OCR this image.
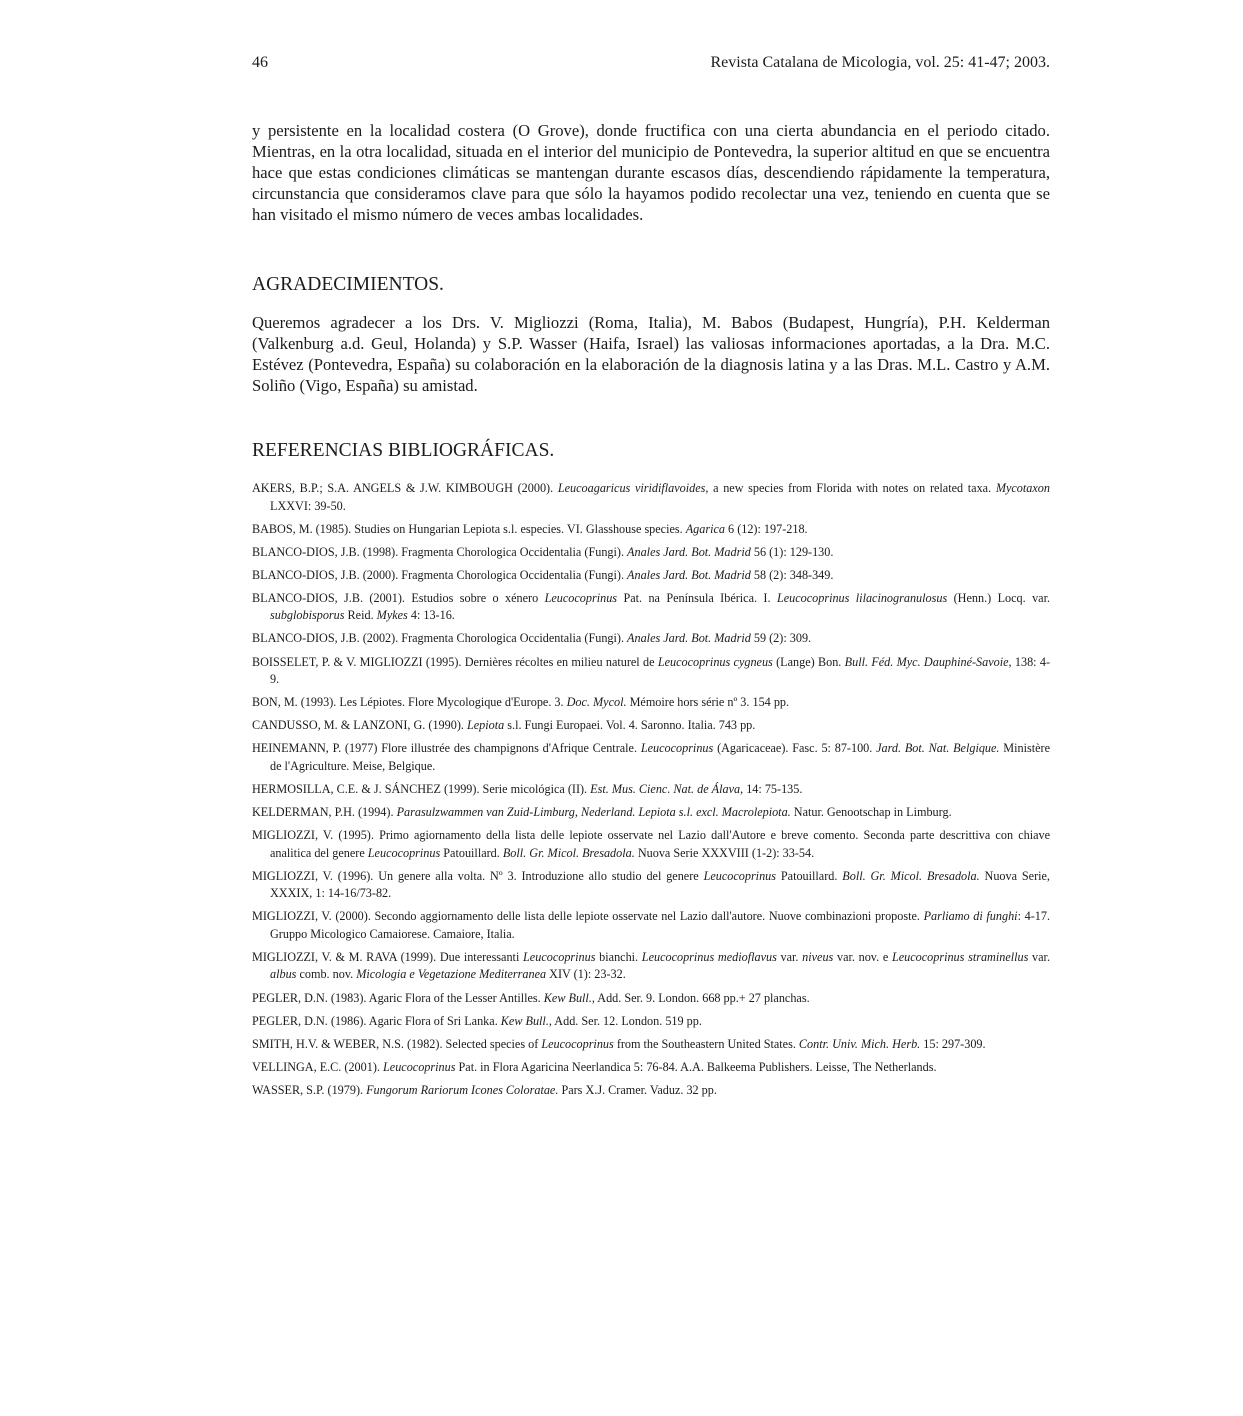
46	Revista Catalana de Micologia, vol. 25: 41-47; 2003.

y persistente en la localidad costera (O Grove), donde fructifica con una cierta abundancia en el periodo citado. Mientras, en la otra localidad, situada en el interior del municipio de Pontevedra, la superior altitud en que se encuentra hace que estas condiciones climáticas se mantengan durante escasos días, descendiendo rápidamente la temperatura, circunstancia que consideramos clave para que sólo la hayamos podido recolectar una vez, teniendo en cuenta que se han visitado el mismo número de veces ambas localidades.

AGRADECIMIENTOS.

Queremos agradecer a los Drs. V. Migliozzi (Roma, Italia), M. Babos (Budapest, Hungría), P.H. Kelderman (Valkenburg a.d. Geul, Holanda) y S.P. Wasser (Haifa, Israel) las valiosas informaciones aportadas, a la Dra. M.C. Estévez (Pontevedra, España) su colaboración en la elaboración de la diagnosis latina y a las Dras. M.L. Castro y A.M. Soliño (Vigo, España) su amistad.

REFERENCIAS BIBLIOGRÁFICAS.
AKERS, B.P.; S.A. ANGELS & J.W. KIMBOUGH (2000). Leucoagaricus viridiflavoides, a new species from Florida with notes on related taxa. Mycotaxon LXXVI: 39-50.
BABOS, M. (1985). Studies on Hungarian Lepiota s.l. especies. VI. Glasshouse species. Agarica 6 (12): 197-218.
BLANCO-DIOS, J.B. (1998). Fragmenta Chorologica Occidentalia (Fungi). Anales Jard. Bot. Madrid 56 (1): 129-130.
BLANCO-DIOS, J.B. (2000). Fragmenta Chorologica Occidentalia (Fungi). Anales Jard. Bot. Madrid 58 (2): 348-349.
BLANCO-DIOS, J.B. (2001). Estudios sobre o xénero Leucocoprinus Pat. na Península Ibérica. I. Leucocoprinus lilacinogranulosus (Henn.) Locq. var. subglobisporus Reid. Mykes 4: 13-16.
BLANCO-DIOS, J.B. (2002). Fragmenta Chorologica Occidentalia (Fungi). Anales Jard. Bot. Madrid 59 (2): 309.
BOISSELET, P. & V. MIGLIOZZI (1995). Dernières récoltes en milieu naturel de Leucocoprinus cygneus (Lange) Bon. Bull. Féd. Myc. Dauphiné-Savoie, 138: 4-9.
BON, M. (1993). Les Lépiotes. Flore Mycologique d'Europe. 3. Doc. Mycol. Mémoire hors série nº 3. 154 pp.
CANDUSSO, M. & LANZONI, G. (1990). Lepiota s.l. Fungi Europaei. Vol. 4. Saronno. Italia. 743 pp.
HEINEMANN, P. (1977) Flore illustrée des champignons d'Afrique Centrale. Leucocoprinus (Agaricaceae). Fasc. 5: 87-100. Jard. Bot. Nat. Belgique. Ministère de l'Agriculture. Meise, Belgique.
HERMOSILLA, C.E. & J. SÁNCHEZ (1999). Serie micológica (II). Est. Mus. Cienc. Nat. de Álava, 14: 75-135.
KELDERMAN, P.H. (1994). Parasulzwammen van Zuid-Limburg, Nederland. Lepiota s.l. excl. Macrolepiota. Natur. Genootschap in Limburg.
MIGLIOZZI, V. (1995). Primo agiornamento della lista delle lepiote osservate nel Lazio dall'Autore e breve comento. Seconda parte descrittiva con chiave analitica del genere Leucocoprinus Patouillard. Boll. Gr. Micol. Bresadola. Nuova Serie XXXVIII (1-2): 33-54.
MIGLIOZZI, V. (1996). Un genere alla volta. Nº 3. Introduzione allo studio del genere Leucocoprinus Patouillard. Boll. Gr. Micol. Bresadola. Nuova Serie, XXXIX, 1: 14-16/73-82.
MIGLIOZZI, V. (2000). Secondo aggiornamento delle lista delle lepiote osservate nel Lazio dall'autore. Nuove combinazioni proposte. Parliamo di funghi: 4-17. Gruppo Micologico Camaiorese. Camaiore, Italia.
MIGLIOZZI, V. & M. RAVA (1999). Due interessanti Leucocoprinus bianchi. Leucocoprinus medioflavus var. niveus var. nov. e Leucocoprinus straminellus var. albus comb. nov. Micologia e Vegetazione Mediterranea XIV (1): 23-32.
PEGLER, D.N. (1983). Agaric Flora of the Lesser Antilles. Kew Bull., Add. Ser. 9. London. 668 pp.+ 27 planchas.
PEGLER, D.N. (1986). Agaric Flora of Sri Lanka. Kew Bull., Add. Ser. 12. London. 519 pp.
SMITH, H.V. & WEBER, N.S. (1982). Selected species of Leucocoprinus from the Southeastern United States. Contr. Univ. Mich. Herb. 15: 297-309.
VELLINGA, E.C. (2001). Leucocoprinus Pat. in Flora Agaricina Neerlandica 5: 76-84. A.A. Balkeema Publishers. Leisse, The Netherlands.
WASSER, S.P. (1979). Fungorum Rariorum Icones Coloratae. Pars X.J. Cramer. Vaduz. 32 pp.
